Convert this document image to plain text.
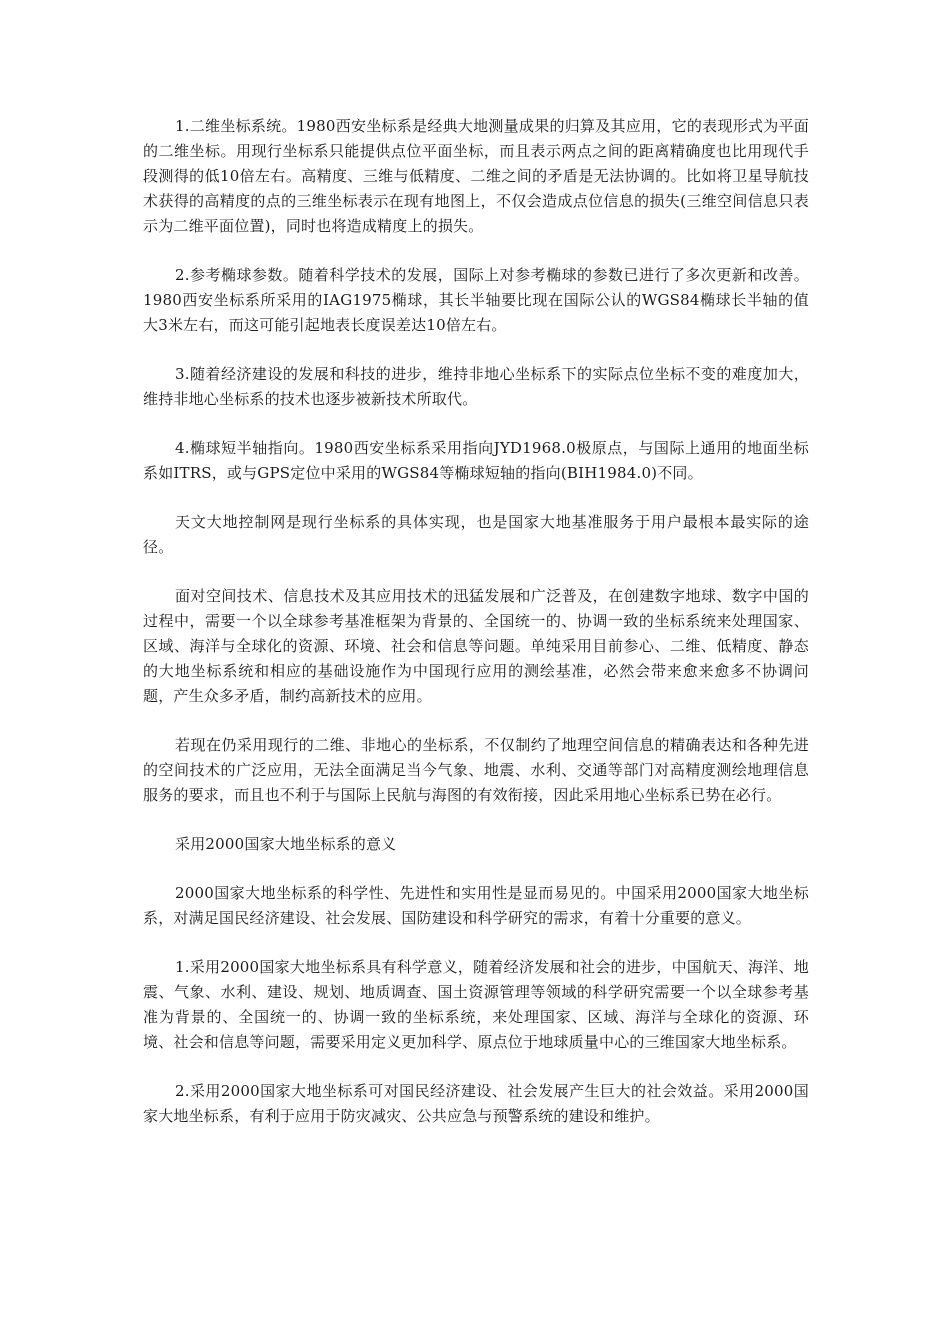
1.二维坐标系统。1980西安坐标系是经典大地测量成果的归算及其应用，它的表现形式为平面的二维坐标。用现行坐标系只能提供点位平面坐标，而且表示两点之间的距离精确度也比用现代手段测得的低10倍左右。高精度、三维与低精度、二维之间的矛盾是无法协调的。比如将卫星导航技术获得的高精度的点的三维坐标表示在现有地图上，不仅会造成点位信息的损失(三维空间信息只表示为二维平面位置)，同时也将造成精度上的损失。

2.参考椭球参数。随着科学技术的发展，国际上对参考椭球的参数已进行了多次更新和改善。1980西安坐标系所采用的IAG1975椭球，其长半轴要比现在国际公认的WGS84椭球长半轴的值大3米左右，而这可能引起地表长度误差达10倍左右。

3.随着经济建设的发展和科技的进步，维持非地心坐标系下的实际点位坐标不变的难度加大，维持非地心坐标系的技术也逐步被新技术所取代。

4.椭球短半轴指向。1980西安坐标系采用指向JYD1968.0极原点，与国际上通用的地面坐标系如ITRS，或与GPS定位中采用的WGS84等椭球短轴的指向(BIH1984.0)不同。

天文大地控制网是现行坐标系的具体实现，也是国家大地基准服务于用户最根本最实际的途径。

面对空间技术、信息技术及其应用技术的迅猛发展和广泛普及，在创建数字地球、数字中国的过程中，需要一个以全球参考基准框架为背景的、全国统一的、协调一致的坐标系统来处理国家、区域、海洋与全球化的资源、环境、社会和信息等问题。单纯采用目前参心、二维、低精度、静态的大地坐标系统和相应的基础设施作为中国现行应用的测绘基准，必然会带来愈来愈多不协调问题，产生众多矛盾，制约高新技术的应用。

若现在仍采用现行的二维、非地心的坐标系，不仅制约了地理空间信息的精确表达和各种先进的空间技术的广泛应用，无法全面满足当今气象、地震、水利、交通等部门对高精度测绘地理信息服务的要求，而且也不利于与国际上民航与海图的有效衔接，因此采用地心坐标系已势在必行。

采用2000国家大地坐标系的意义

2000国家大地坐标系的科学性、先进性和实用性是显而易见的。中国采用2000国家大地坐标系，对满足国民经济建设、社会发展、国防建设和科学研究的需求，有着十分重要的意义。

1.采用2000国家大地坐标系具有科学意义，随着经济发展和社会的进步，中国航天、海洋、地震、气象、水利、建设、规划、地质调查、国土资源管理等领域的科学研究需要一个以全球参考基准为背景的、全国统一的、协调一致的坐标系统，来处理国家、区域、海洋与全球化的资源、环境、社会和信息等问题，需要采用定义更加科学、原点位于地球质量中心的三维国家大地坐标系。

2.采用2000国家大地坐标系可对国民经济建设、社会发展产生巨大的社会效益。采用2000国家大地坐标系，有利于应用于防灾减灾、公共应急与预警系统的建设和维护。
